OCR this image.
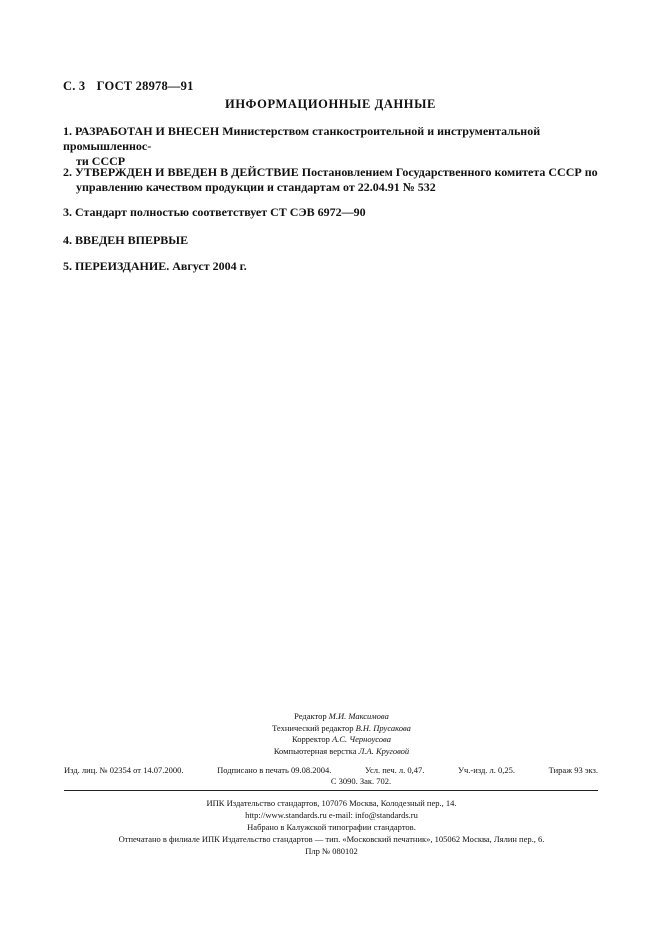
С. 3 ГОСТ 28978—91
ИНФОРМАЦИОННЫЕ ДАННЫЕ
1. РАЗРАБОТАН И ВНЕСЕН Министерством станкостроительной и инструментальной промышленнос-
ти СССР
2. УТВЕРЖДЕН И ВВЕДЕН В ДЕЙСТВИЕ Постановлением Государственного комитета СССР по
управлению качеством продукции и стандартам от 22.04.91 № 532
3. Стандарт полностью соответствует СТ СЭВ 6972—90
4. ВВЕДЕН ВПЕРВЫЕ
5. ПЕРЕИЗДАНИЕ. Август 2004 г.
Редактор М.И. Максимова
Технический редактор В.Н. Прусакова
Корректор А.С. Черноусова
Компьютерная верстка Л.А. Круговой
Изд. лиц. № 02354 от 14.07.2000.	Подписано в печать 09.08.2004.	Усл. печ. л. 0,47.	Уч.-изд. л. 0,25.	Тираж 93 экз.
С 3090. Зак. 702.
ИПК Издательство стандартов, 107076 Москва, Колодезный пер., 14.
http://www.standards.ru e-mail: info@standards.ru
Набрано в Калужской типографии стандартов.
Отпечатано в филиале ИПК Издательство стандартов — тип. «Московский печатник», 105062 Москва, Лялин пер., 6.
Плр № 080102
